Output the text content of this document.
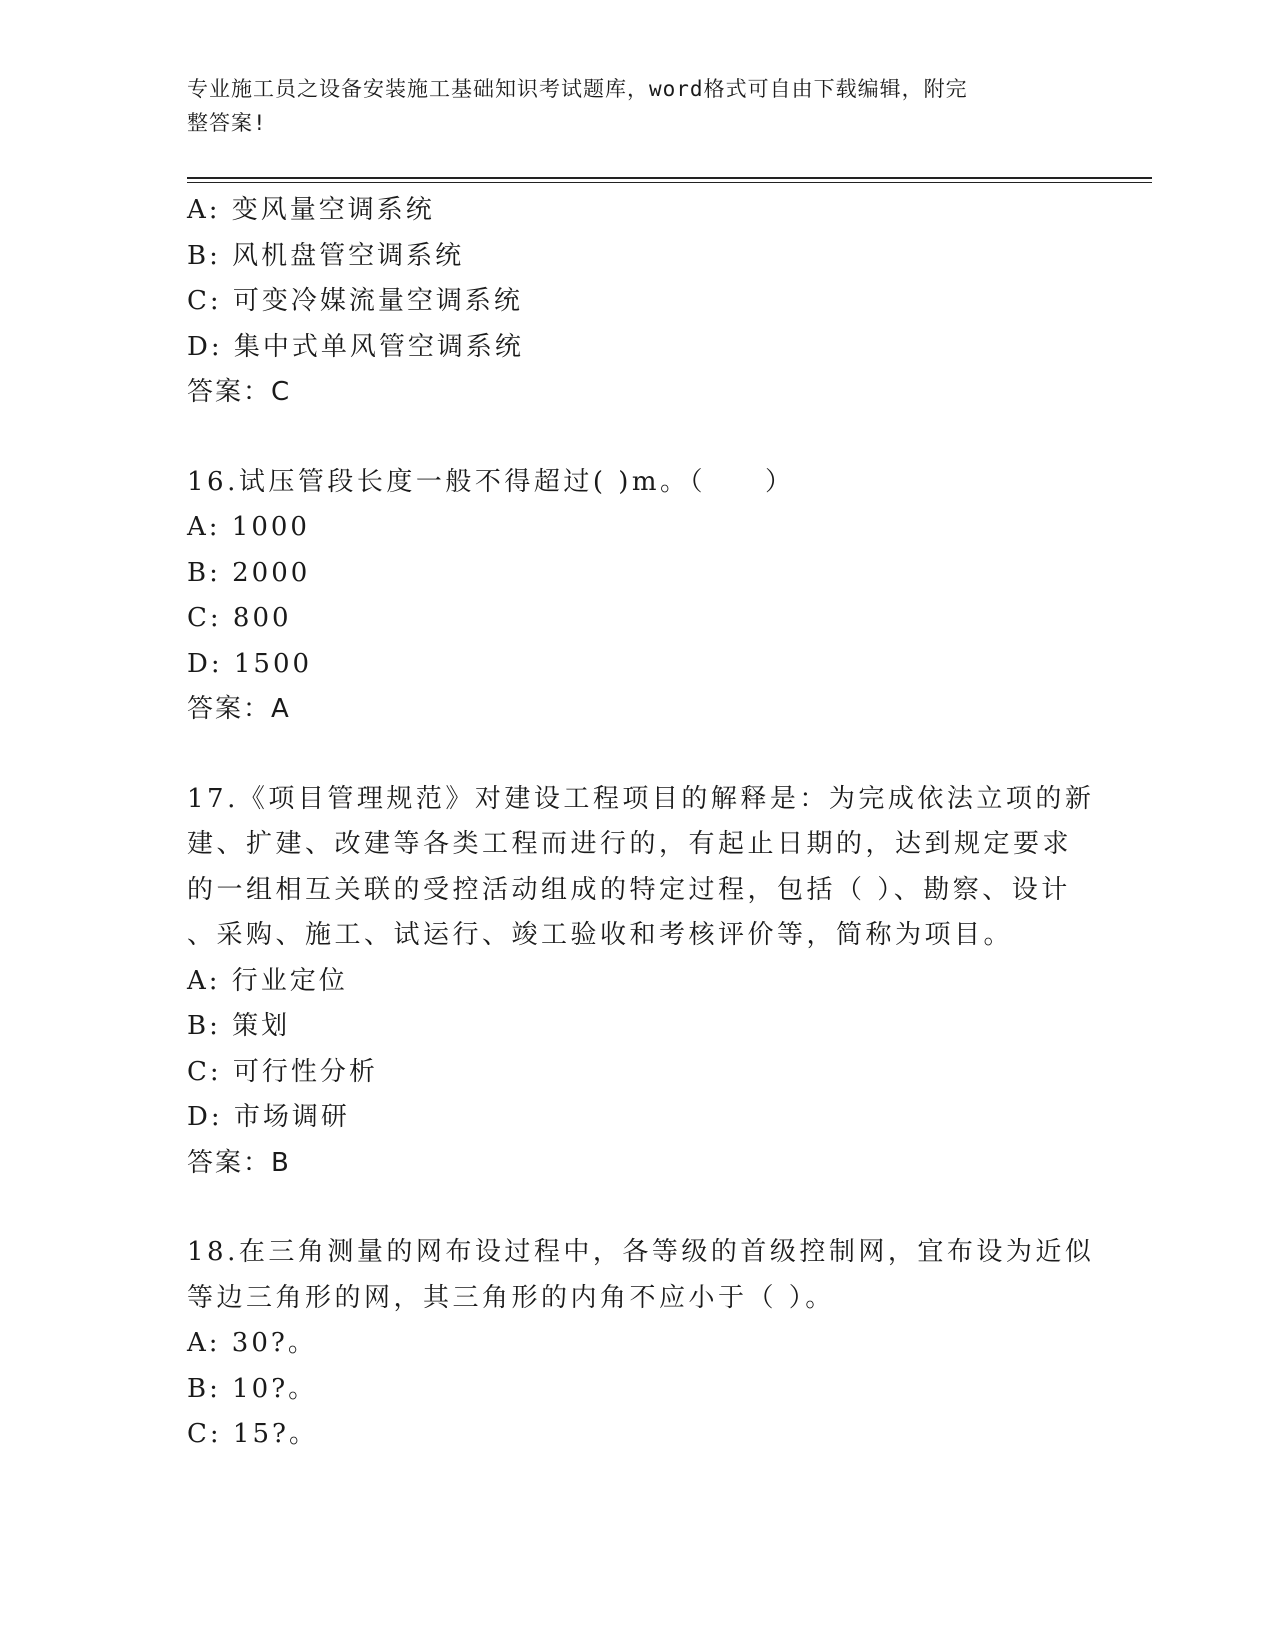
专业施工员之设备安装施工基础知识考试题库，word格式可自由下载编辑，附完
整答案!
A: 变风量空调系统
B: 风机盘管空调系统
C: 可变冷媒流量空调系统
D: 集中式单风管空调系统
答案：C
16.试压管段长度一般不得超过( )m。（　　）
A: 1000
B: 2000
C: 800
D: 1500
答案：A
17.《项目管理规范》对建设工程项目的解释是：为完成依法立项的新
建、扩建、改建等各类工程而进行的，有起止日期的，达到规定要求
的一组相互关联的受控活动组成的特定过程，包括（ ）、勘察、设计
、采购、施工、试运行、竣工验收和考核评价等，简称为项目。
A: 行业定位
B: 策划
C: 可行性分析
D: 市场调研
答案：B
18.在三角测量的网布设过程中，各等级的首级控制网，宜布设为近似
等边三角形的网，其三角形的内角不应小于（ ）。
A: 30?。
B: 10?。
C: 15?。
